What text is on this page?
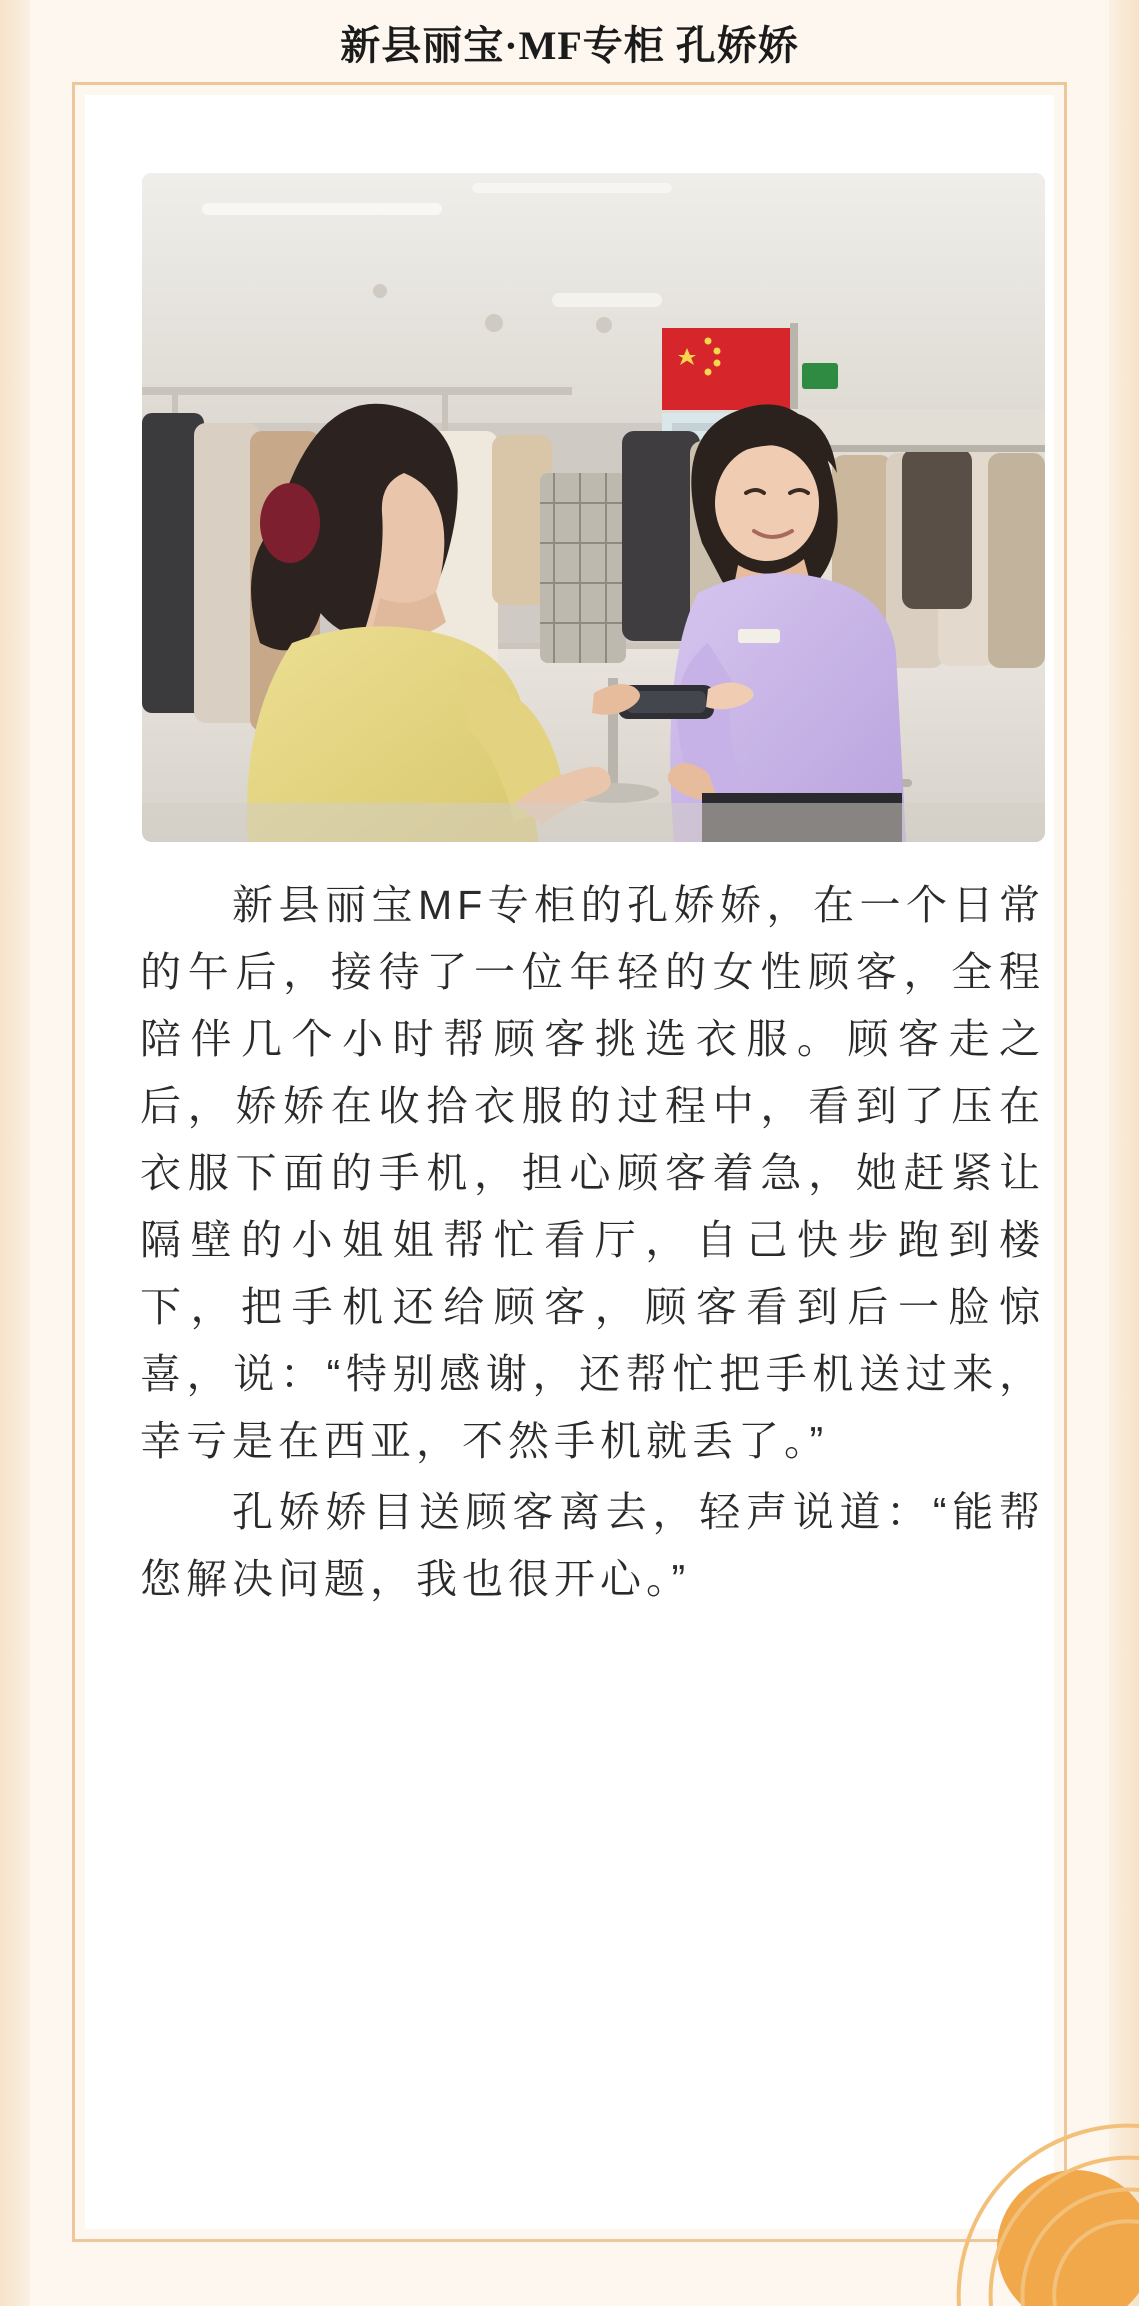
新县丽宝·MF专柜 孔娇娇

新县丽宝MF专柜的孔娇娇，在一个日常的午后，接待了一位年轻的女性顾客，全程陪伴几个小时帮顾客挑选衣服。顾客走之后，娇娇在收拾衣服的过程中，看到了压在衣服下面的手机，担心顾客着急，她赶紧让隔壁的小姐姐帮忙看厅，自己快步跑到楼下，把手机还给顾客，顾客看到后一脸惊喜，说：“特别感谢，还帮忙把手机送过来，幸亏是在西亚，不然手机就丢了。”

孔娇娇目送顾客离去，轻声说道：“能帮您解决问题，我也很开心。”
